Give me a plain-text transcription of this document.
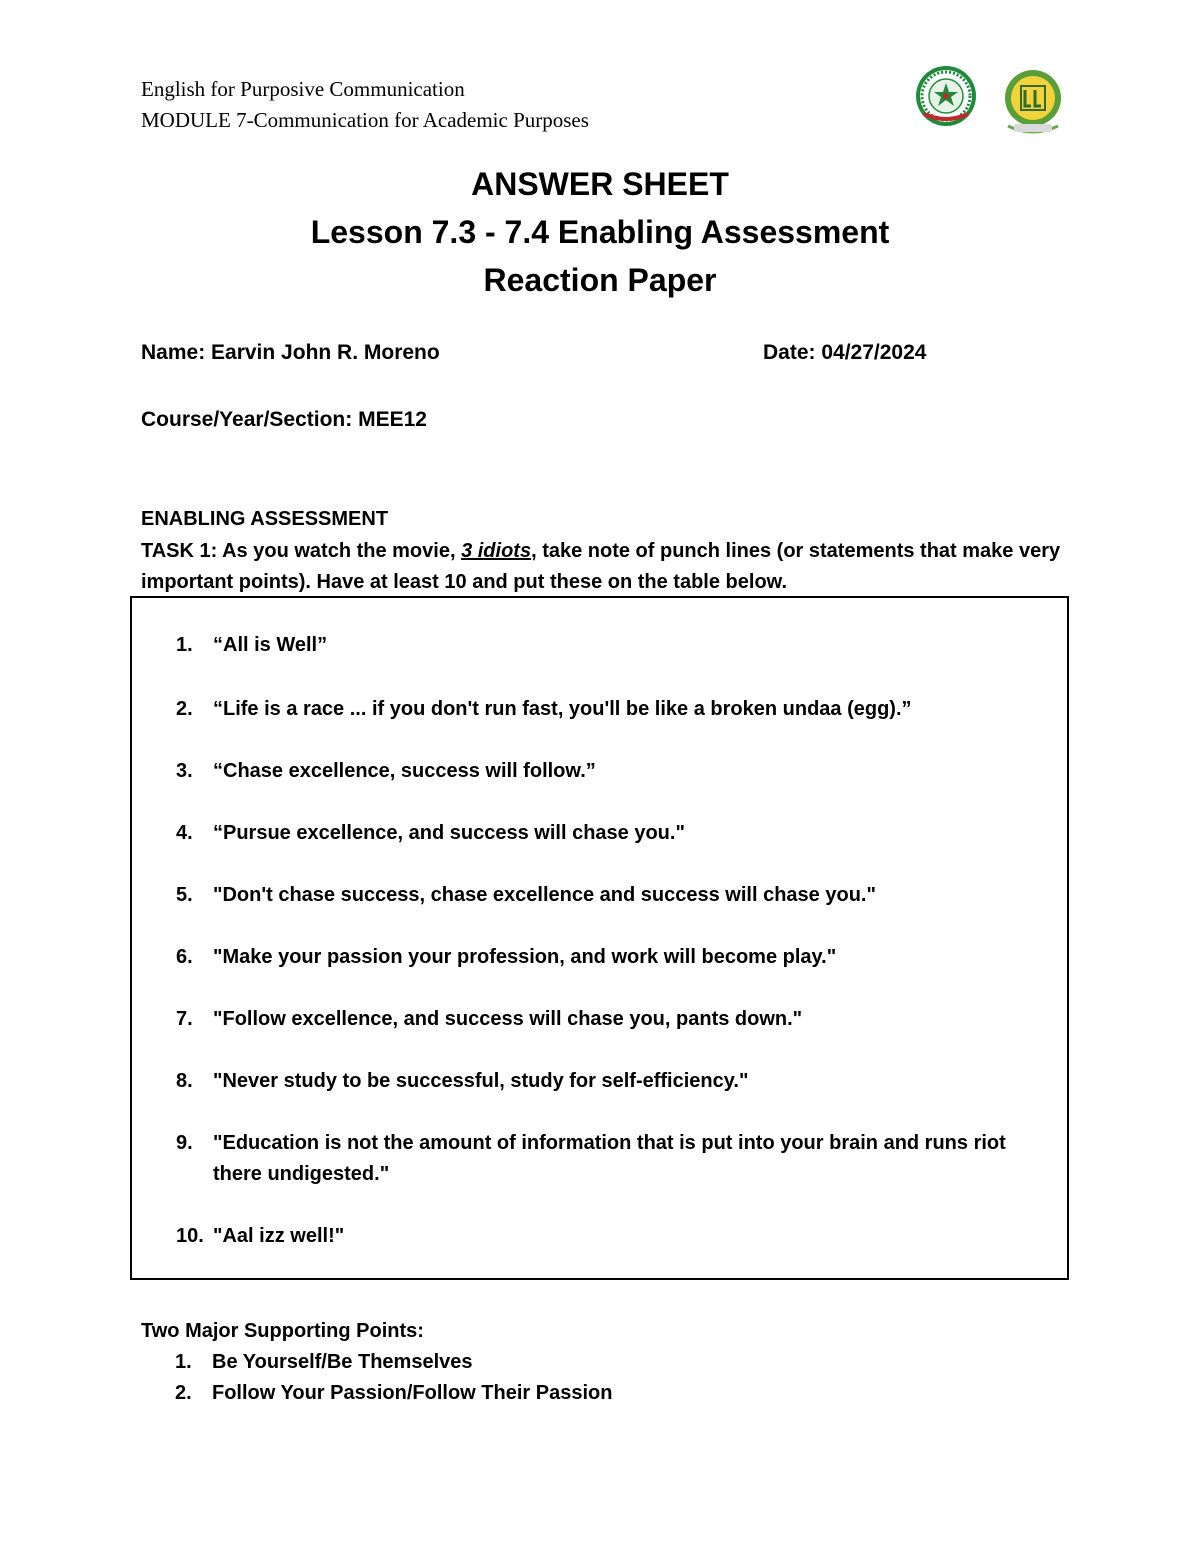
English for Purposive Communication
MODULE 7-Communication for Academic Purposes
ANSWER SHEET
Lesson 7.3 - 7.4 Enabling Assessment
Reaction Paper
Name: Earvin John R. Moreno	Date: 04/27/2024
Course/Year/Section: MEE12
ENABLING ASSESSMENT
TASK 1: As you watch the movie, 3 idiots, take note of punch lines (or statements that make very important points). Have at least 10 and put these on the table below.
1.	“All is Well”
2.	“Life is a race ... if you don't run fast, you'll be like a broken undaa (egg).”
3.	“Chase excellence, success will follow.”
4.	“Pursue excellence, and success will chase you."
5.	"Don't chase success, chase excellence and success will chase you."
6.	"Make your passion your profession, and work will become play."
7.	"Follow excellence, and success will chase you, pants down."
8.	"Never study to be successful, study for self-efficiency."
9.	"Education is not the amount of information that is put into your brain and runs riot there undigested."
10. "Aal izz well!"
Two Major Supporting Points:
1. Be Yourself/Be Themselves
2. Follow Your Passion/Follow Their Passion
